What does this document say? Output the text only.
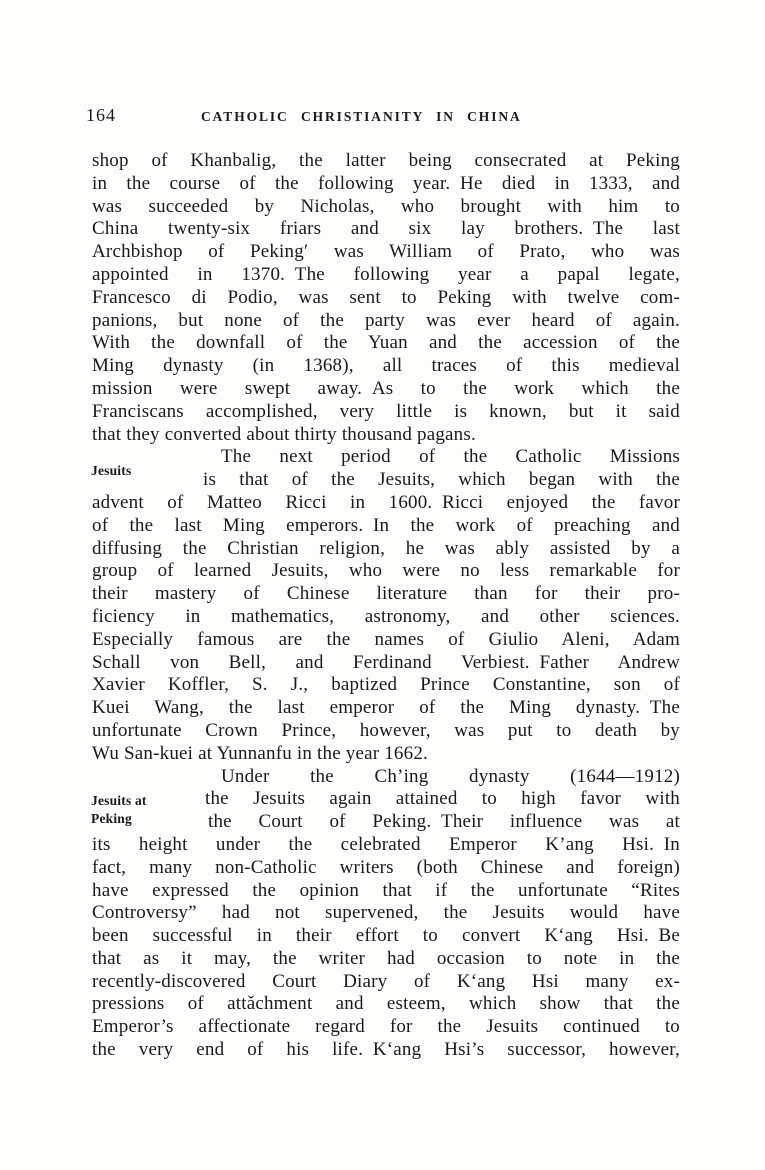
164	CATHOLIC CHRISTIANITY IN CHINA
Jesuits
Jesuits at
Peking
shop of Khanbalig, the latter being consecrated at Peking
in the course of the following year. He died in 1333, and
was succeeded by Nicholas, who brought with him to
China twenty-six friars and six lay brothers. The last
Archbishop of Peking′ was William of Prato, who was
appointed in 1370. The following year a papal legate,
Francesco di Podio, was sent to Peking with twelve com-
panions, but none of the party was ever heard of again.
With the downfall of the Yuan and the accession of the
Ming dynasty (in 1368), all traces of this medieval
mission were swept away. As to the work which the
Franciscans accomplished, very little is known, but it said
that they converted about thirty thousand pagans.
The next period of the Catholic Missions
is that of the Jesuits, which began with the
advent of Matteo Ricci in 1600. Ricci enjoyed the favor
of the last Ming emperors. In the work of preaching and
diffusing the Christian religion, he was ably assisted by a
group of learned Jesuits, who were no less remarkable for
their mastery of Chinese literature than for their pro-
ficiency in mathematics, astronomy, and other sciences.
Especially famous are the names of Giulio Aleni, Adam
Schall von Bell, and Ferdinand Verbiest. Father Andrew
Xavier Koffler, S. J., baptized Prince Constantine, son of
Kuei Wang, the last emperor of the Ming dynasty. The
unfortunate Crown Prince, however, was put to death by
Wu San-kuei at Yunnanfu in the year 1662.
Under the Ch’ing dynasty (1644—1912)
the Jesuits again attained to high favor with
the Court of Peking. Their influence was at
its height under the celebrated Emperor K’ang Hsi. In
fact, many non-Catholic writers (both Chinese and foreign)
have expressed the opinion that if the unfortunate “Rites
Controversy” had not supervened, the Jesuits would have
been successful in their effort to convert K‘ang Hsi. Be
that as it may, the writer had occasion to note in the
recently-discovered Court Diary of K‘ang Hsi many ex-
pressions of attǎchment and esteem, which show that the
Emperor’s affectionate regard for the Jesuits continued to
the very end of his life. K‘ang Hsi’s successor, however,
